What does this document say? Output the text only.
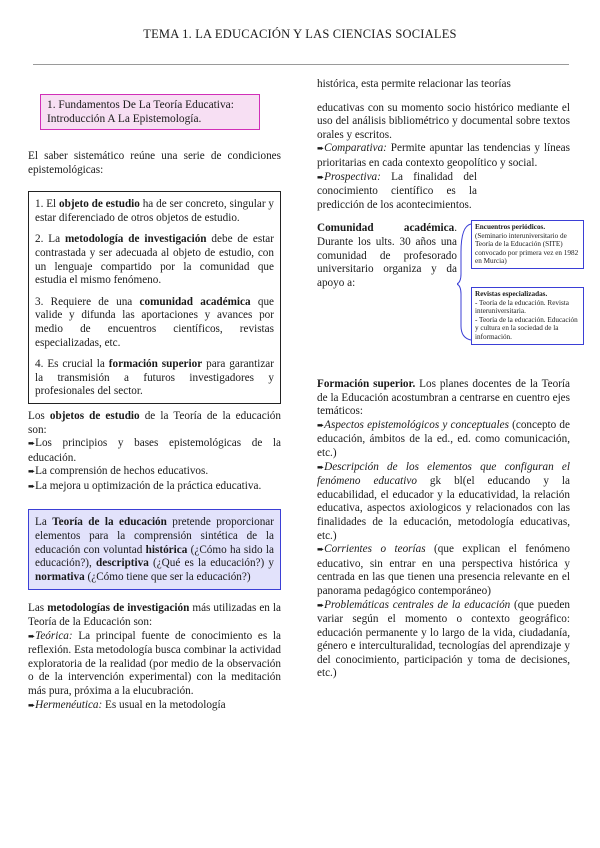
TEMA 1. LA EDUCACIÓN Y LAS CIENCIAS SOCIALES
1. Fundamentos De La Teoría Educativa: Introducción A La Epistemología.

El saber sistemático reúne una serie de condiciones epistemológicas:

1. El objeto de estudio ha de ser concreto, singular y estar diferenciado de otros objetos de estudio.

2. La metodología de investigación debe de estar contrastada y ser adecuada al objeto de estudio, con un lenguaje compartido por la comunidad que estudia el mismo fenómeno.

3. Requiere de una comunidad académica que valide y difunda las aportaciones y avances por medio de encuentros científicos, revistas especializadas, etc.

4. Es crucial la formación superior para garantizar la transmisión a futuros investigadores y profesionales del sector.

Los objetos de estudio de la Teoría de la educación son:

➨Los principios y bases epistemológicas de la educación.

➨La comprensión de hechos educativos.

➨La mejora u optimización de la práctica educativa.

La Teoría de la educación pretende proporcionar elementos para la comprensión sintética de la educación con voluntad histórica (¿Cómo ha sido la educación?), descriptiva (¿Qué es la educación?) y normativa (¿Cómo tiene que ser la educación?)

Las metodologías de investigación más utilizadas en la Teoría de la Educación son:

➨Teórica: La principal fuente de conocimiento es la reflexión. Esta metodología busca combinar la actividad exploratoria de la realidad (por medio de la observación o de la intervención experimental) con la meditación más pura, próxima a la elucubración.

➨Hermenéutica: Es usual en la metodología

histórica, esta permite relacionar las teorías

educativas con su momento socio histórico mediante el uso del análisis bibliométrico y documental sobre textos orales y escritos.

➨Comparativa: Permite apuntar las tendencias y líneas prioritarias en cada contexto geopolítico y social.

➨Prospectiva: La finalidad del conocimiento científico es la predicción de los acontecimientos.

Comunidad académica. Durante los ults. 30 años una comunidad de profesorado universitario organiza y da apoyo a:

Encuentros periódicos.
(Seminario interuniversitario de Teoría de la Educación (SITE) convocado por primera vez en 1982 en Murcia)
Revistas especializadas.
- Teoría de la educación. Revista interuniversitaria.
- Teoría de la educación. Educación y cultura en la sociedad de la información.

Formación superior. Los planes docentes de la Teoría de la Educación acostumbran a centrarse en cuentro ejes temáticos:

➨Aspectos epistemológicos y conceptuales (concepto de educación, ámbitos de la ed., ed. como comunicación, etc.)

➨Descripción de los elementos que configuran el fenómeno educativo gk bl(el educando y la educabilidad, el educador y la educatividad, la relación educativa, aspectos axiologicos y relacionados con las finalidades de la educación, metodología educativas, etc.)

➨Corrientes o teorías (que explican el fenómeno educativo, sin entrar en una perspectiva histórica y centrada en las que tienen una presencia relevante en el panorama pedagógico contemporáneo)

➨Problemáticas centrales de la educación (que pueden variar según el momento o contexto geográfico: educación permanente y lo largo de la vida, ciudadanía, género e interculturalidad, tecnologías del aprendizaje y del conocimiento, participación y toma de decisiones, etc.)
